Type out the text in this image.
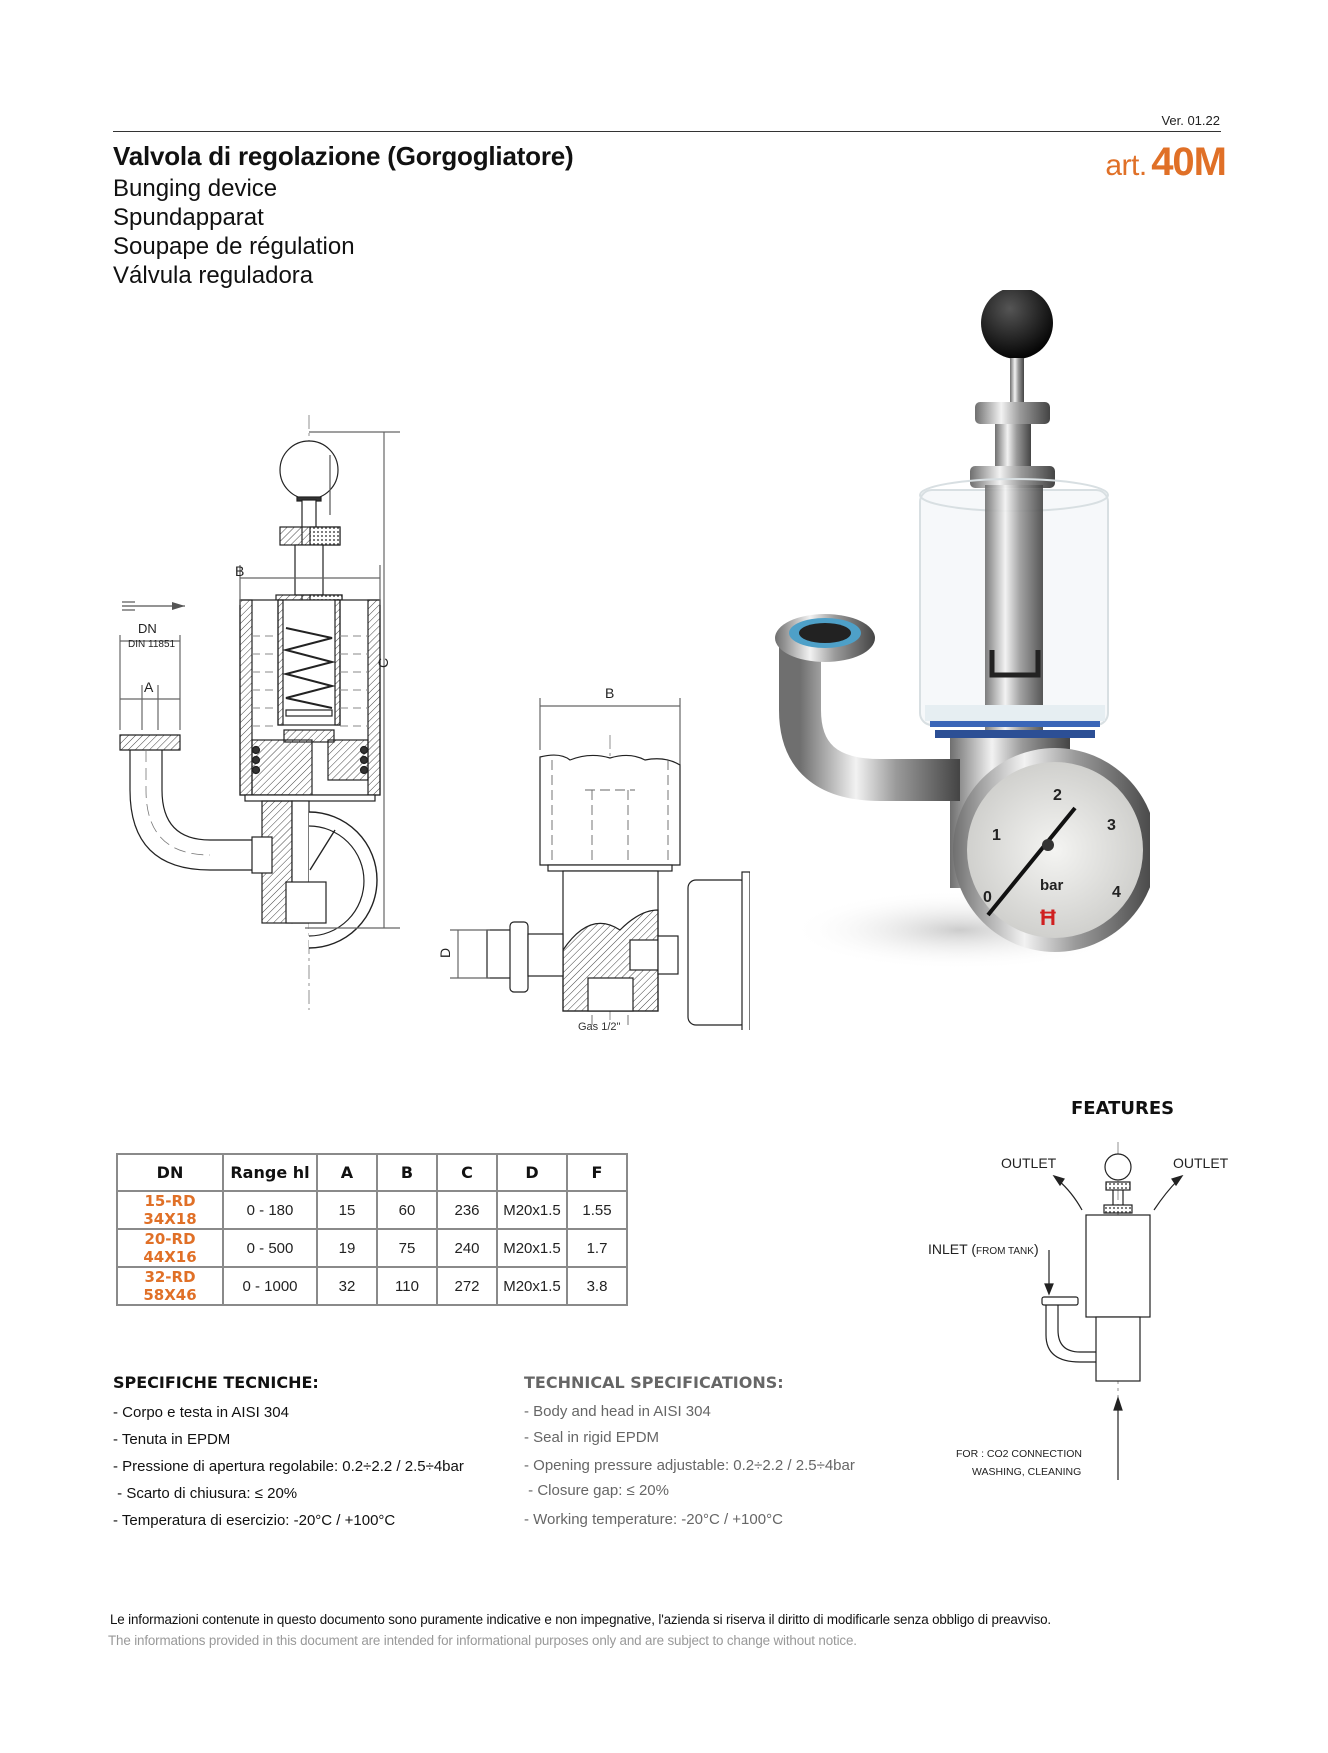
Ver. 01.22
Valvola di regolazione (Gorgogliatore)
Bunging device
Spundapparat
Soupape de régulation
Válvula reguladora
art. 40M
B
C
DN
DIN 11851
A	B
D
Gas 1/2"
0
1
2
3
4
bar
Ħ
DN	Range hl	A	B	C	D	F
15-RD 34X18	0 - 180	15	60	236	M20x1.5	1.55
20-RD 44X16	0 - 500	19	75	240	M20x1.5	1.7
32-RD 58X46	0 - 1000	32	110	272	M20x1.5	3.8
FEATURES
OUTLET	OUTLET
INLET (FROM TANK)
FOR : CO2 CONNECTION
WASHING, CLEANING
SPECIFICHE TECNICHE:
- Corpo e testa in AISI 304
- Tenuta in EPDM
- Pressione di apertura regolabile: 0.2÷2.2 / 2.5÷4bar
- Scarto di chiusura: ≤ 20%
- Temperatura di esercizio: -20°C / +100°C
TECHNICAL SPECIFICATIONS:
- Body and head in AISI 304
- Seal in rigid EPDM
- Opening pressure adjustable: 0.2÷2.2 / 2.5÷4bar
- Closure gap: ≤ 20%
- Working temperature: -20°C / +100°C
Le informazioni contenute in questo documento sono puramente indicative e non impegnative, l'azienda si riserva il diritto di modificarle senza obbligo di preavviso.
The informations provided in this document are intended for informational purposes only and are subject to change without notice.
